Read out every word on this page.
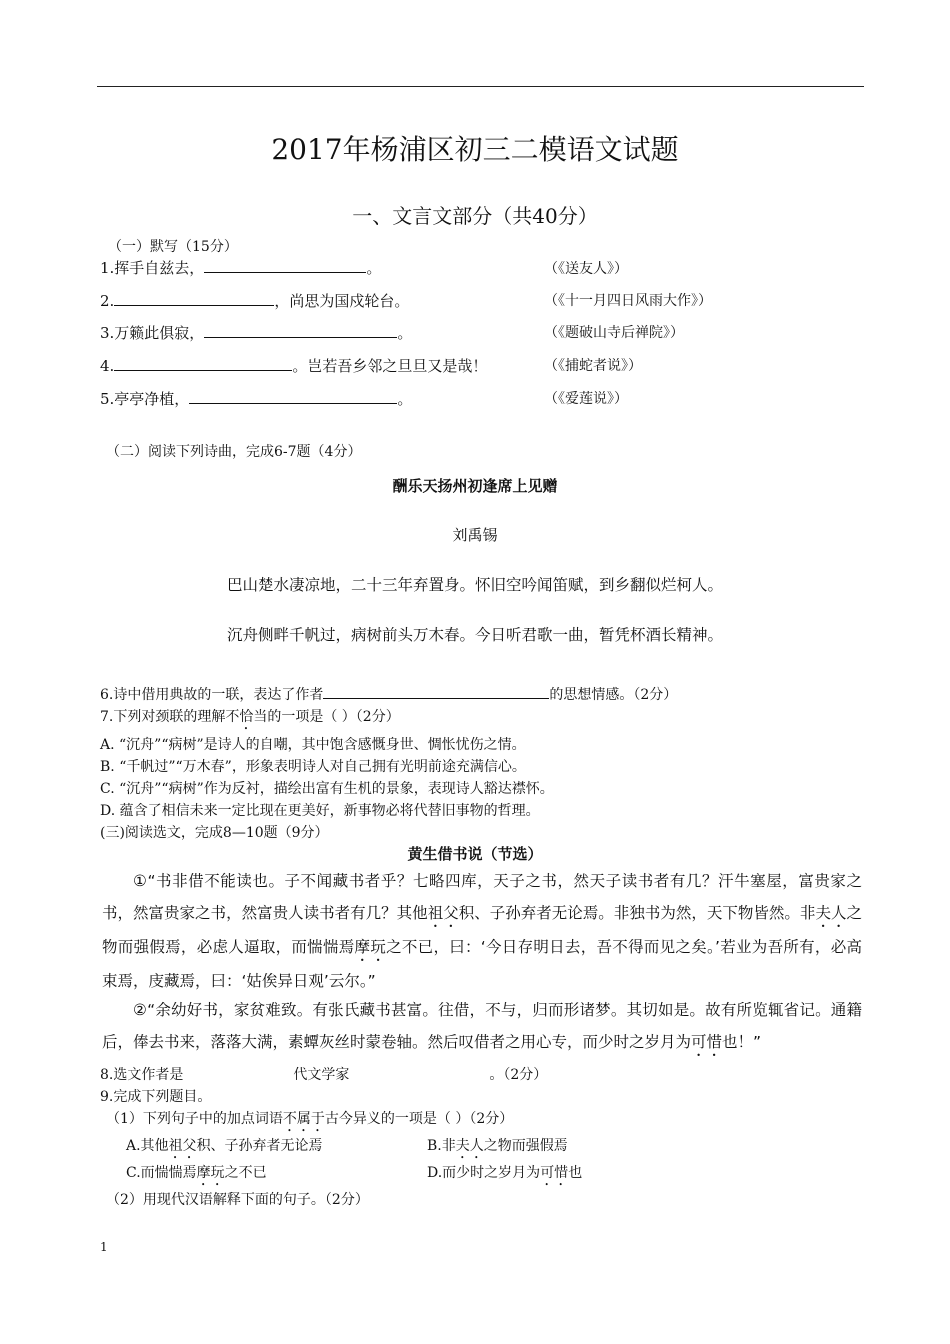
2017年杨浦区初三二模语文试题
一、文言文部分（共40分）
（一）默写（15分）
1.挥手自兹去，	。	（《送友人》）
2.	，尚思为国戍轮台。	（《十一月四日风雨大作》）
3.万籁此俱寂，	。	（《题破山寺后禅院》）
4.	。岂若吾乡邻之旦旦又是哉！	（《捕蛇者说》）
5.亭亭净植，	。	（《爱莲说》）
（二）阅读下列诗曲，完成6-7题（4分）
酬乐天扬州初逢席上见赠
刘禹锡
巴山楚水凄凉地，二十三年弃置身。怀旧空吟闻笛赋，到乡翻似烂柯人。
沉舟侧畔千帆过，病树前头万木春。今日听君歌一曲，暂凭杯酒长精神。
6.诗中借用典故的一联，表达了作者	的思想情感。（2分）
7.下列对颈联的理解不恰当的一项是（ ）（2分）
A. “沉舟”“病树”是诗人的自嘲，其中饱含感慨身世、惆怅忧伤之情。
B. “千帆过”“万木春”，形象表明诗人对自己拥有光明前途充满信心。
C. “沉舟”“病树”作为反衬，描绘出富有生机的景象，表现诗人豁达襟怀。
D. 蕴含了相信未来一定比现在更美好，新事物必将代替旧事物的哲理。
(三)阅读选文，完成8—10题（9分）
黄生借书说（节选）

①“书非借不能读也。子不闻藏书者乎？七略四库，天子之书，然天子读书者有几？汗牛塞屋，富贵家之书，然富贵家之书，然富贵人读书者有几？其他祖父积、子孙弃者无论焉。非独书为然，天下物皆然。非夫人之物而强假焉，必虑人逼取，而惴惴焉摩玩之不已，曰：‘今日存明日去，吾不得而见之矣。’若业为吾所有，必高束焉，庋藏焉，曰：‘姑俟异日观’云尔。”

②“余幼好书，家贫难致。有张氏藏书甚富。往借，不与，归而形诸梦。其切如是。故有所览辄省记。通籍后，俸去书来，落落大满，素蟫灰丝时蒙卷轴。然后叹借者之用心专，而少时之岁月为可惜也！”

8.选文作者是	代文学家	。（2分）
9.完成下列题目。
（1）下列句子中的加点词语不属于古今异义的一项是（ ）（2分）
A.其他祖父积、子孙弃者无论焉	B.非夫人之物而强假焉
C.而惴惴焉摩玩之不已	D.而少时之岁月为可惜也
（2）用现代汉语解释下面的句子。（2分）
1
